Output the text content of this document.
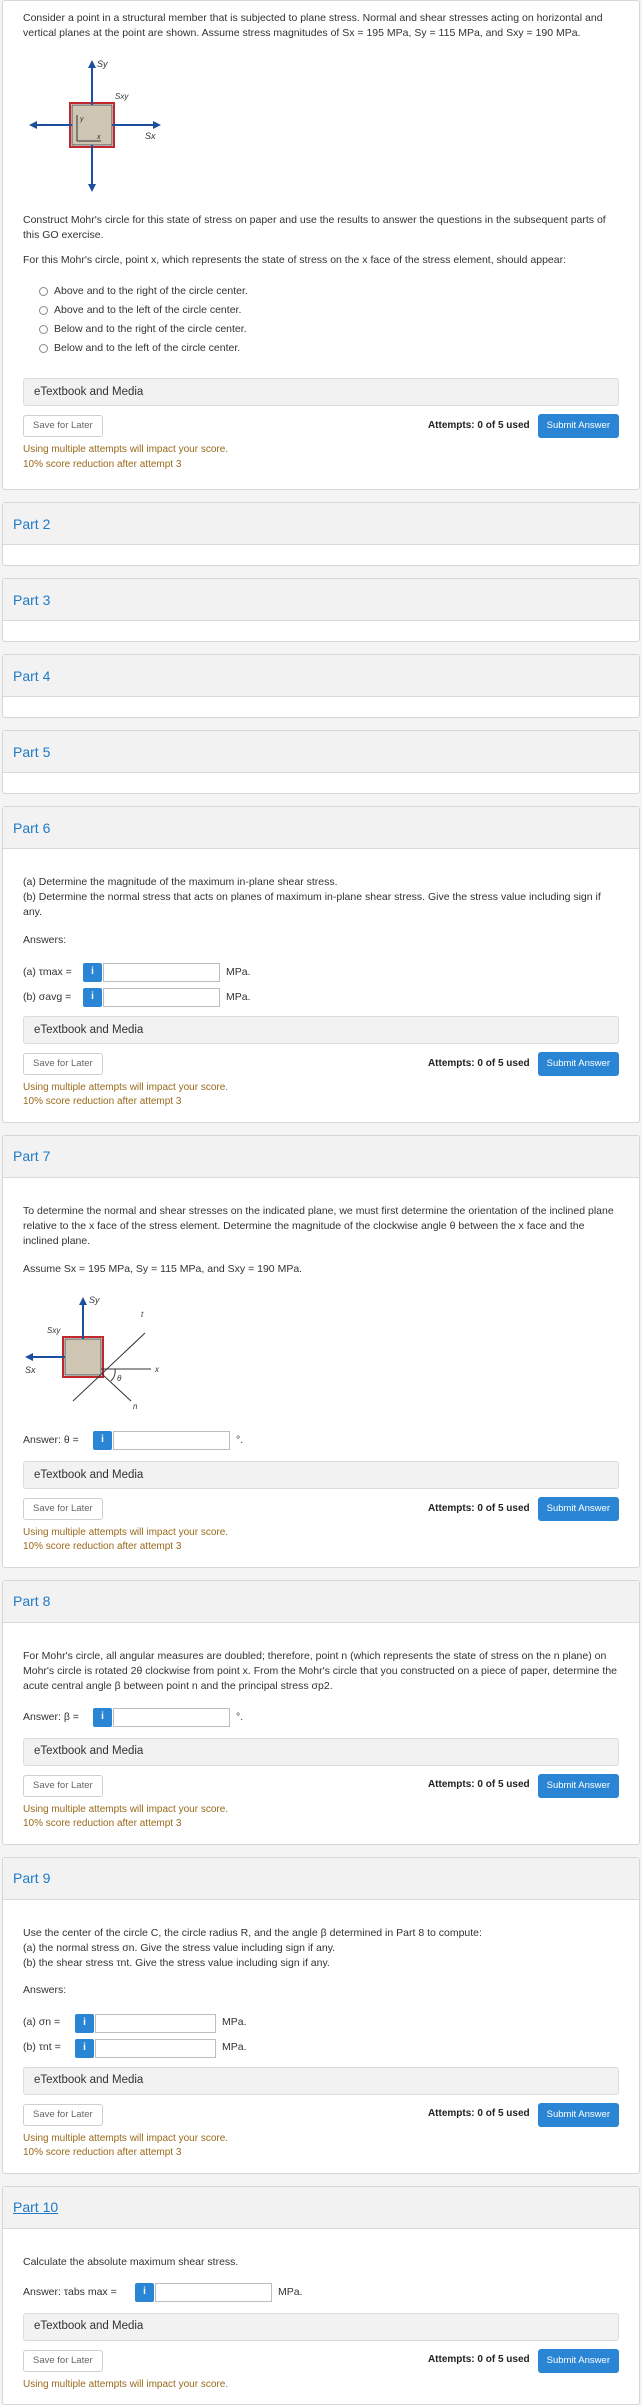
Consider a point in a structural member that is subjected to plane stress. Normal and shear stresses acting on horizontal and vertical planes at the point are shown. Assume stress magnitudes of Sx = 195 MPa, Sy = 115 MPa, and Sxy = 190 MPa.

Sy
Sxy
Sx
y
x

Construct Mohr's circle for this state of stress on paper and use the results to answer the questions in the subsequent parts of this GO exercise.

For this Mohr's circle, point x, which represents the state of stress on the x face of the stress element, should appear:

Above and to the right of the circle center.
Above and to the left of the circle center.
Below and to the right of the circle center.
Below and to the left of the circle center.
eTextbook and Media
Save for Later	Attempts: 0 of 5 used	Submit Answer
Using multiple attempts will impact your score.
10% score reduction after attempt 3
Part 2
Part 3
Part 4
Part 5
Part 6
(a) Determine the magnitude of the maximum in-plane shear stress.
(b) Determine the normal stress that acts on planes of maximum in-plane shear stress. Give the stress value including sign if any.
Answers:
(a) τmax =	i	MPa.
(b) σavg =	i	MPa.
eTextbook and Media
Save for Later	Attempts: 0 of 5 used	Submit Answer
Using multiple attempts will impact your score.
10% score reduction after attempt 3
Part 7

To determine the normal and shear stresses on the indicated plane, we must first determine the orientation of the inclined plane relative to the x face of the stress element. Determine the magnitude of the clockwise angle θ between the x face and the inclined plane.

Assume Sx = 195 MPa, Sy = 115 MPa, and Sxy = 190 MPa.

Sy
Sxy
Sx
t
x
n
θ
Answer: θ =	i	°.
eTextbook and Media
Save for Later	Attempts: 0 of 5 used	Submit Answer
Using multiple attempts will impact your score.
10% score reduction after attempt 3
Part 8

For Mohr's circle, all angular measures are doubled; therefore, point n (which represents the state of stress on the n plane) on Mohr's circle is rotated 2θ clockwise from point x. From the Mohr's circle that you constructed on a piece of paper, determine the acute central angle β between point n and the principal stress σp2.

Answer: β =	i	°.
eTextbook and Media
Save for Later	Attempts: 0 of 5 used	Submit Answer
Using multiple attempts will impact your score.
10% score reduction after attempt 3
Part 9
Use the center of the circle C, the circle radius R, and the angle β determined in Part 8 to compute:
(a) the normal stress σn. Give the stress value including sign if any.
(b) the shear stress τnt. Give the stress value including sign if any.
Answers:
(a) σn =	i	MPa.
(b) τnt =	i	MPa.
eTextbook and Media
Save for Later	Attempts: 0 of 5 used	Submit Answer
Using multiple attempts will impact your score.
10% score reduction after attempt 3
Part 10

Calculate the absolute maximum shear stress.

Answer: τabs max =	i	MPa.
eTextbook and Media
Save for Later	Attempts: 0 of 5 used	Submit Answer
Using multiple attempts will impact your score.
